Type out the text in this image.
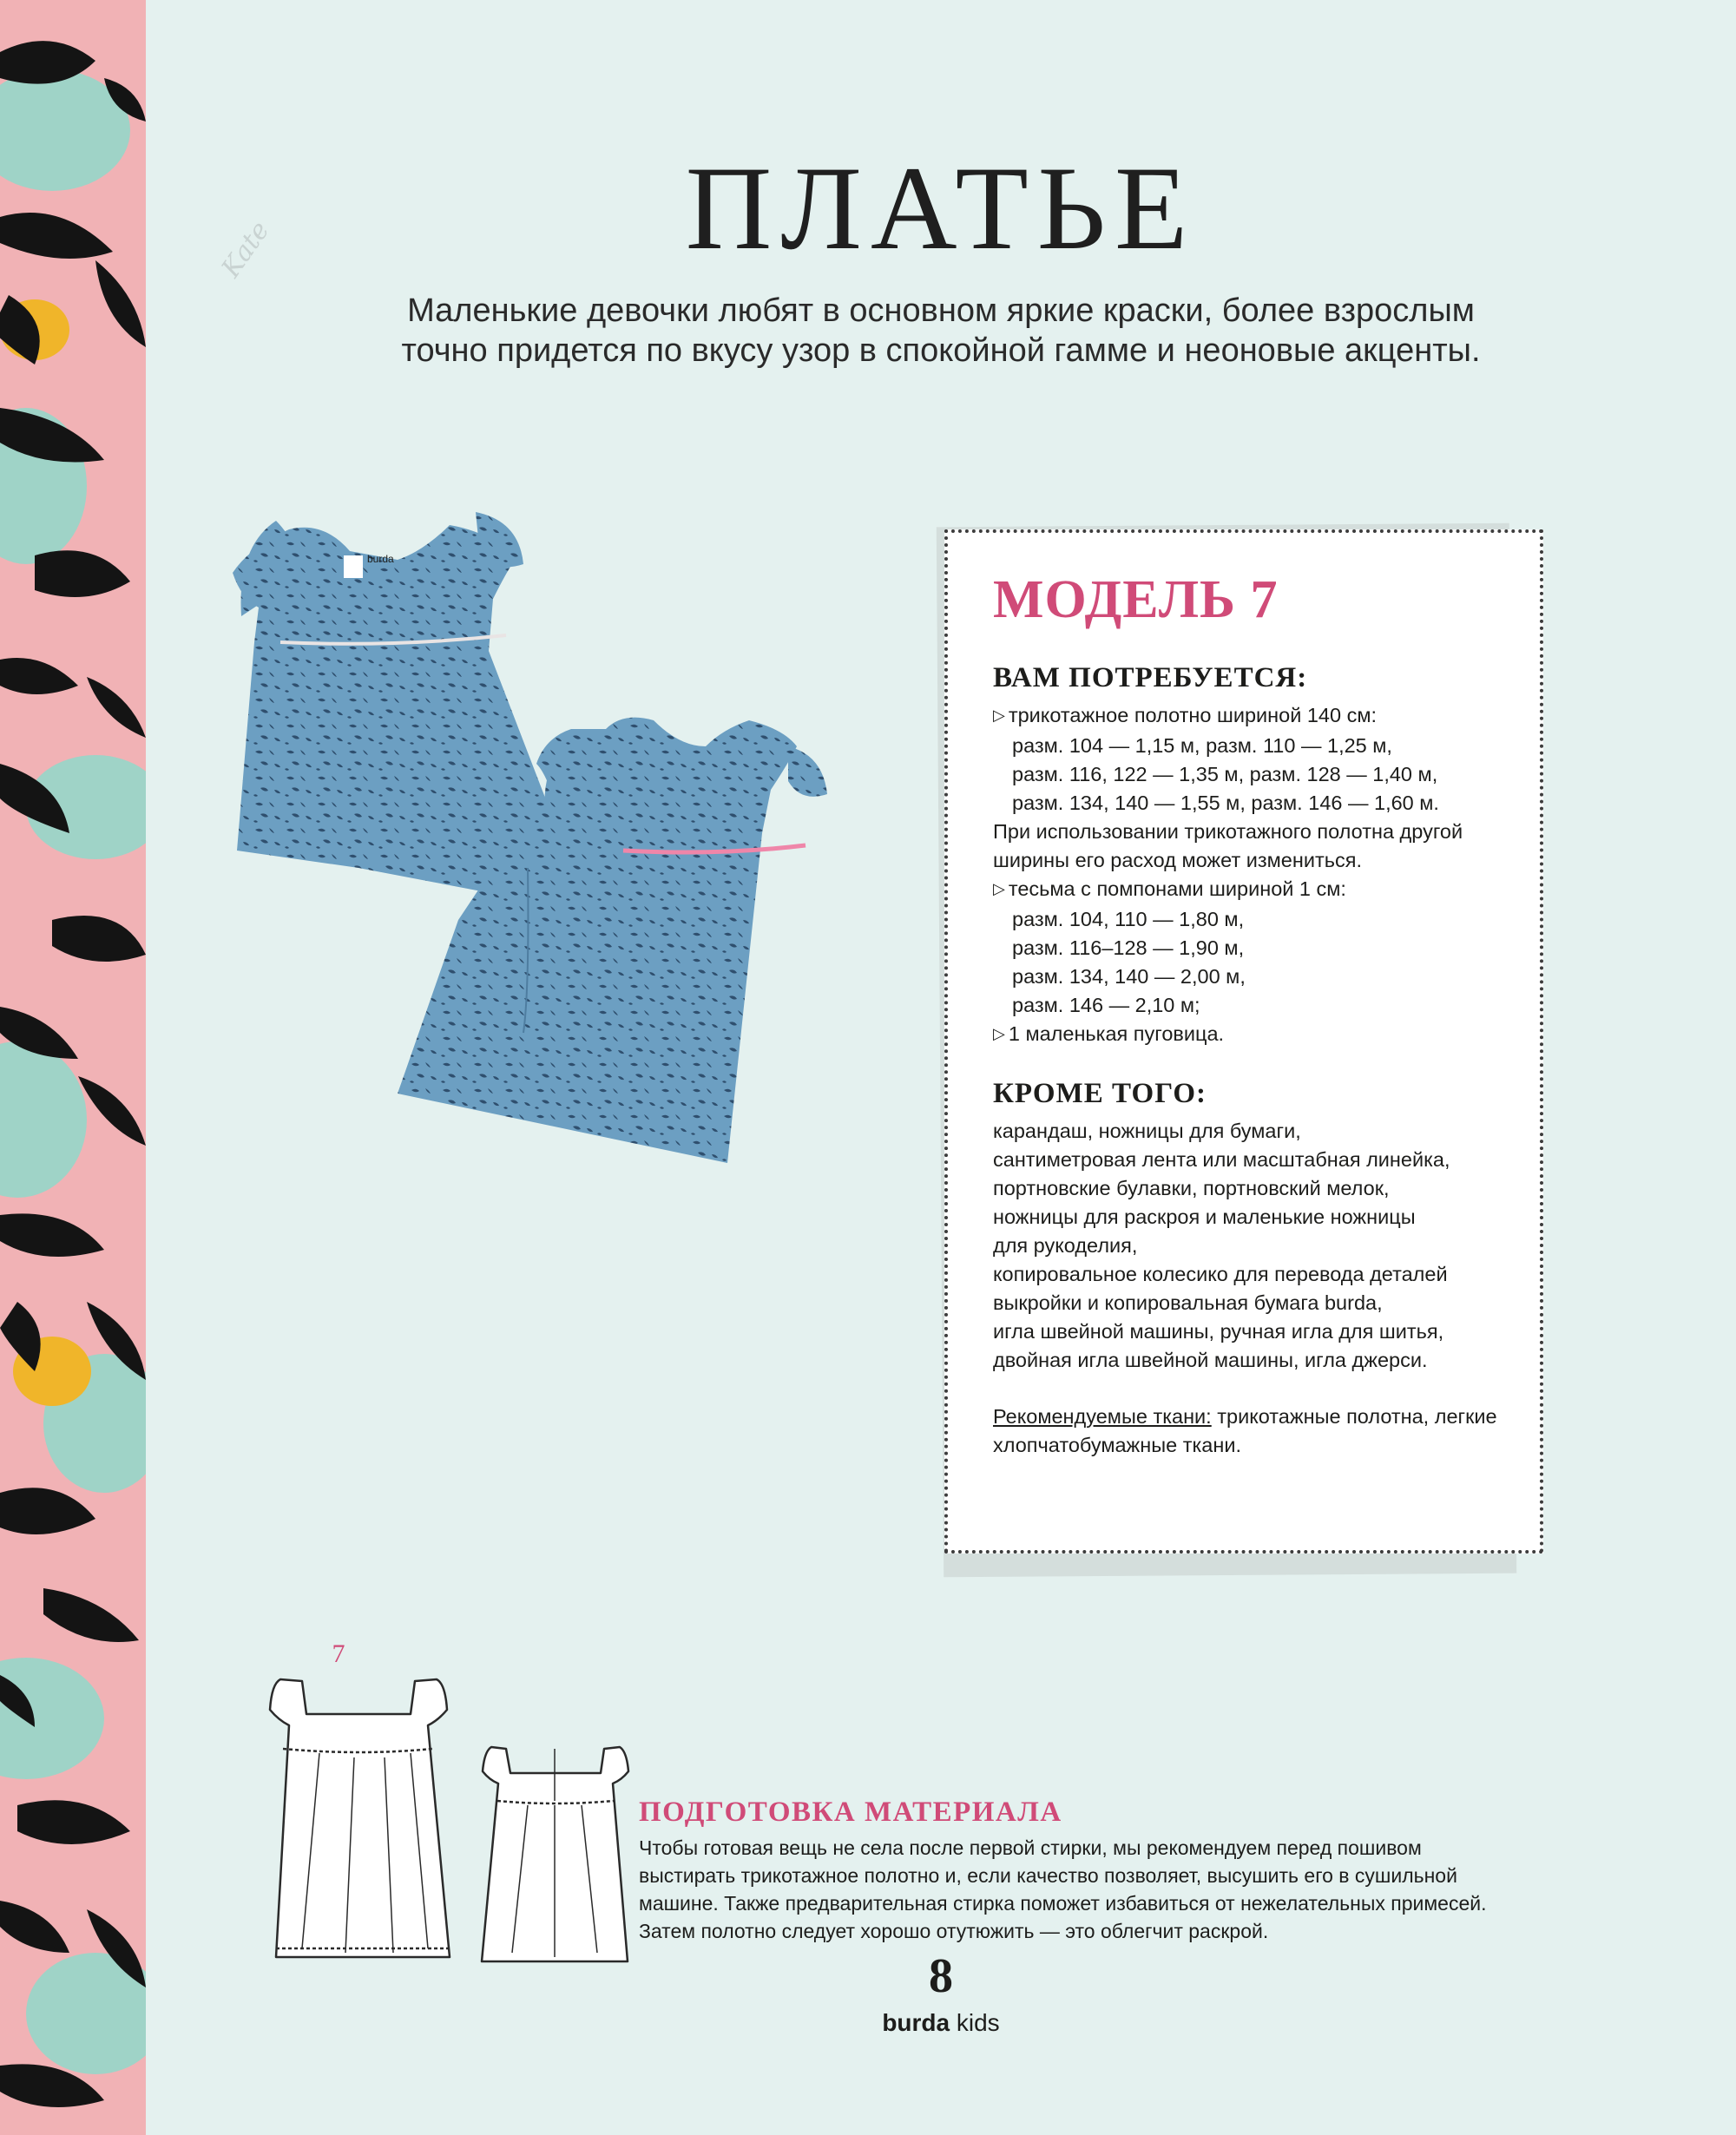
Kate	ПЛАТЬЕ
Маленькие девочки любят в основном яркие краски, более взрослым
точно придется по вкусу узор в спокойной гамме и неоновые акценты.
burda
МОДЕЛЬ 7
ВАМ ПОТРЕБУЕТСЯ:
▷ трикотажное полотно шириной 140 см:
разм. 104 — 1,15 м, разм. 110 — 1,25 м,
разм. 116, 122 — 1,35 м, разм. 128 — 1,40 м,
разм. 134, 140 — 1,55 м, разм. 146 — 1,60 м.
При использовании трикотажного полотна другой
ширины его расход может измениться.
▷ тесьма с помпонами шириной 1 см:
разм. 104, 110 — 1,80 м,
разм. 116–128 — 1,90 м,
разм. 134, 140 — 2,00 м,
разм. 146 — 2,10 м;
▷ 1 маленькая пуговица.
КРОМЕ ТОГО:
карандаш, ножницы для бумаги,
сантиметровая лента или масштабная линейка,
портновские булавки, портновский мелок,
ножницы для раскроя и маленькие ножницы
для рукоделия,
копировальное колесико для перевода деталей
выкройки и копировальная бумага burda,
игла швейной машины, ручная игла для шитья,
двойная игла швейной машины, игла джерси.
Рекомендуемые ткани: трикотажные полотна, легкие
хлопчатобумажные ткани.
7
ПОДГОТОВКА МАТЕРИАЛА
Чтобы готовая вещь не села после первой стирки, мы рекомендуем перед пошивом
выстирать трикотажное полотно и, если качество позволяет, высушить его в сушильной
машине. Также предварительная стирка поможет избавиться от нежелательных примесей.
Затем полотно следует хорошо отутюжить — это облегчит раскрой.
8
burda kids
